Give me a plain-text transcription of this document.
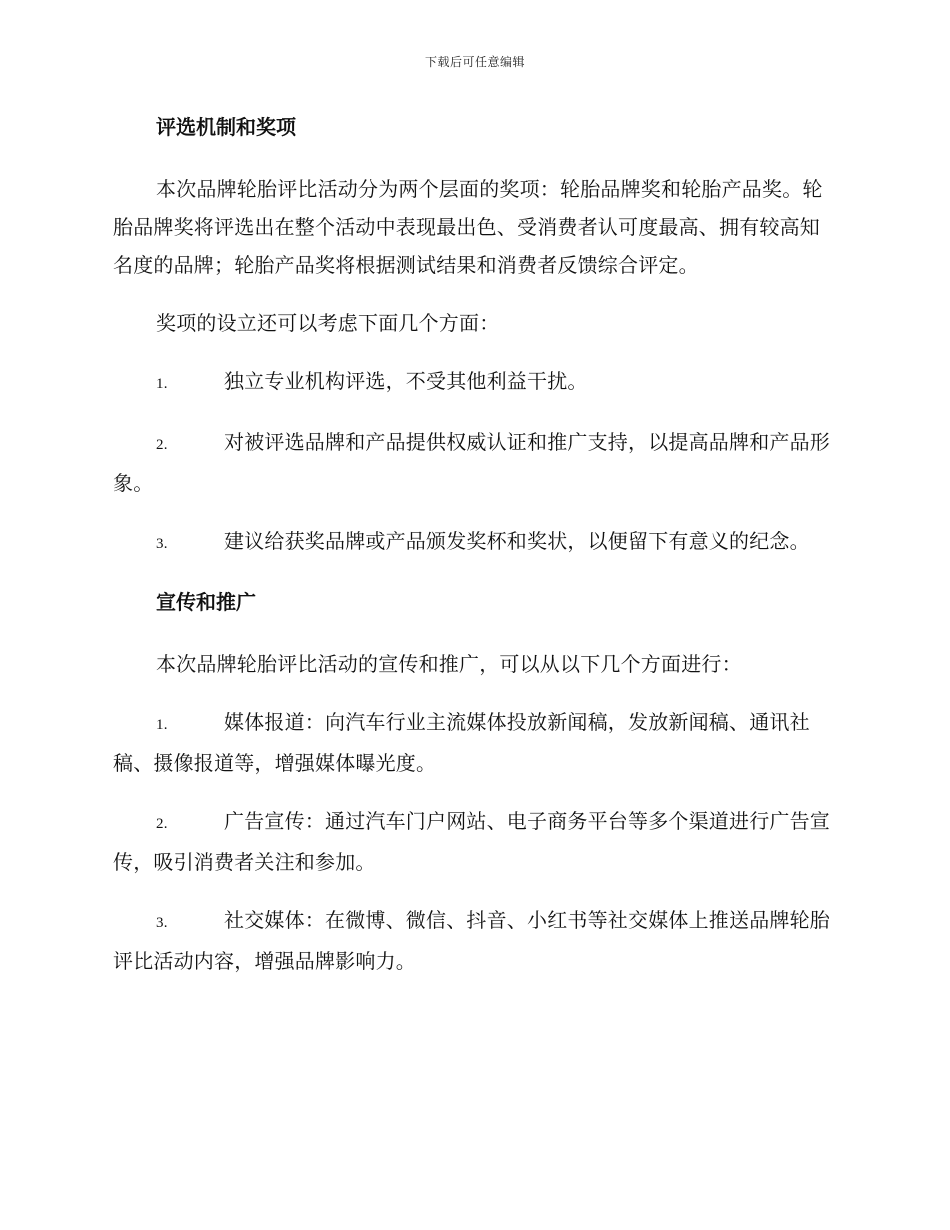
下载后可任意编辑
评选机制和奖项

本次品牌轮胎评比活动分为两个层面的奖项：轮胎品牌奖和轮胎产品奖。轮胎品牌奖将评选出在整个活动中表现最出色、受消费者认可度最高、拥有较高知名度的品牌；轮胎产品奖将根据测试结果和消费者反馈综合评定。

奖项的设立还可以考虑下面几个方面：

1.	独立专业机构评选，不受其他利益干扰。

2.	对被评选品牌和产品提供权威认证和推广支持，以提高品牌和产品形象。

3.	建议给获奖品牌或产品颁发奖杯和奖状，以便留下有意义的纪念。

宣传和推广

本次品牌轮胎评比活动的宣传和推广，可以从以下几个方面进行：

1.	媒体报道：向汽车行业主流媒体投放新闻稿，发放新闻稿、通讯社稿、摄像报道等，增强媒体曝光度。

2.	广告宣传：通过汽车门户网站、电子商务平台等多个渠道进行广告宣传，吸引消费者关注和参加。

3.	社交媒体：在微博、微信、抖音、小红书等社交媒体上推送品牌轮胎评比活动内容，增强品牌影响力。
